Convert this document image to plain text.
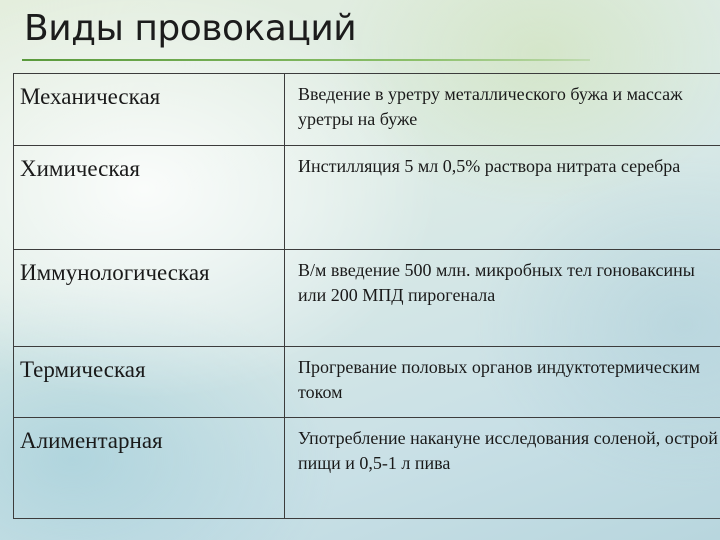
Виды провокаций
Механическая	Введение в уретру металлического бужа и массаж уретры на буже
Химическая	Инстилляция 5 мл 0,5% раствора нитрата серебра
Иммунологическая	В/м введение 500 млн. микробных тел гоноваксины или 200 МПД пирогенала
Термическая	Прогревание половых органов индуктотермическим током
Алиментарная	Употребление накануне исследования соленой, острой пищи и 0,5-1 л пива
